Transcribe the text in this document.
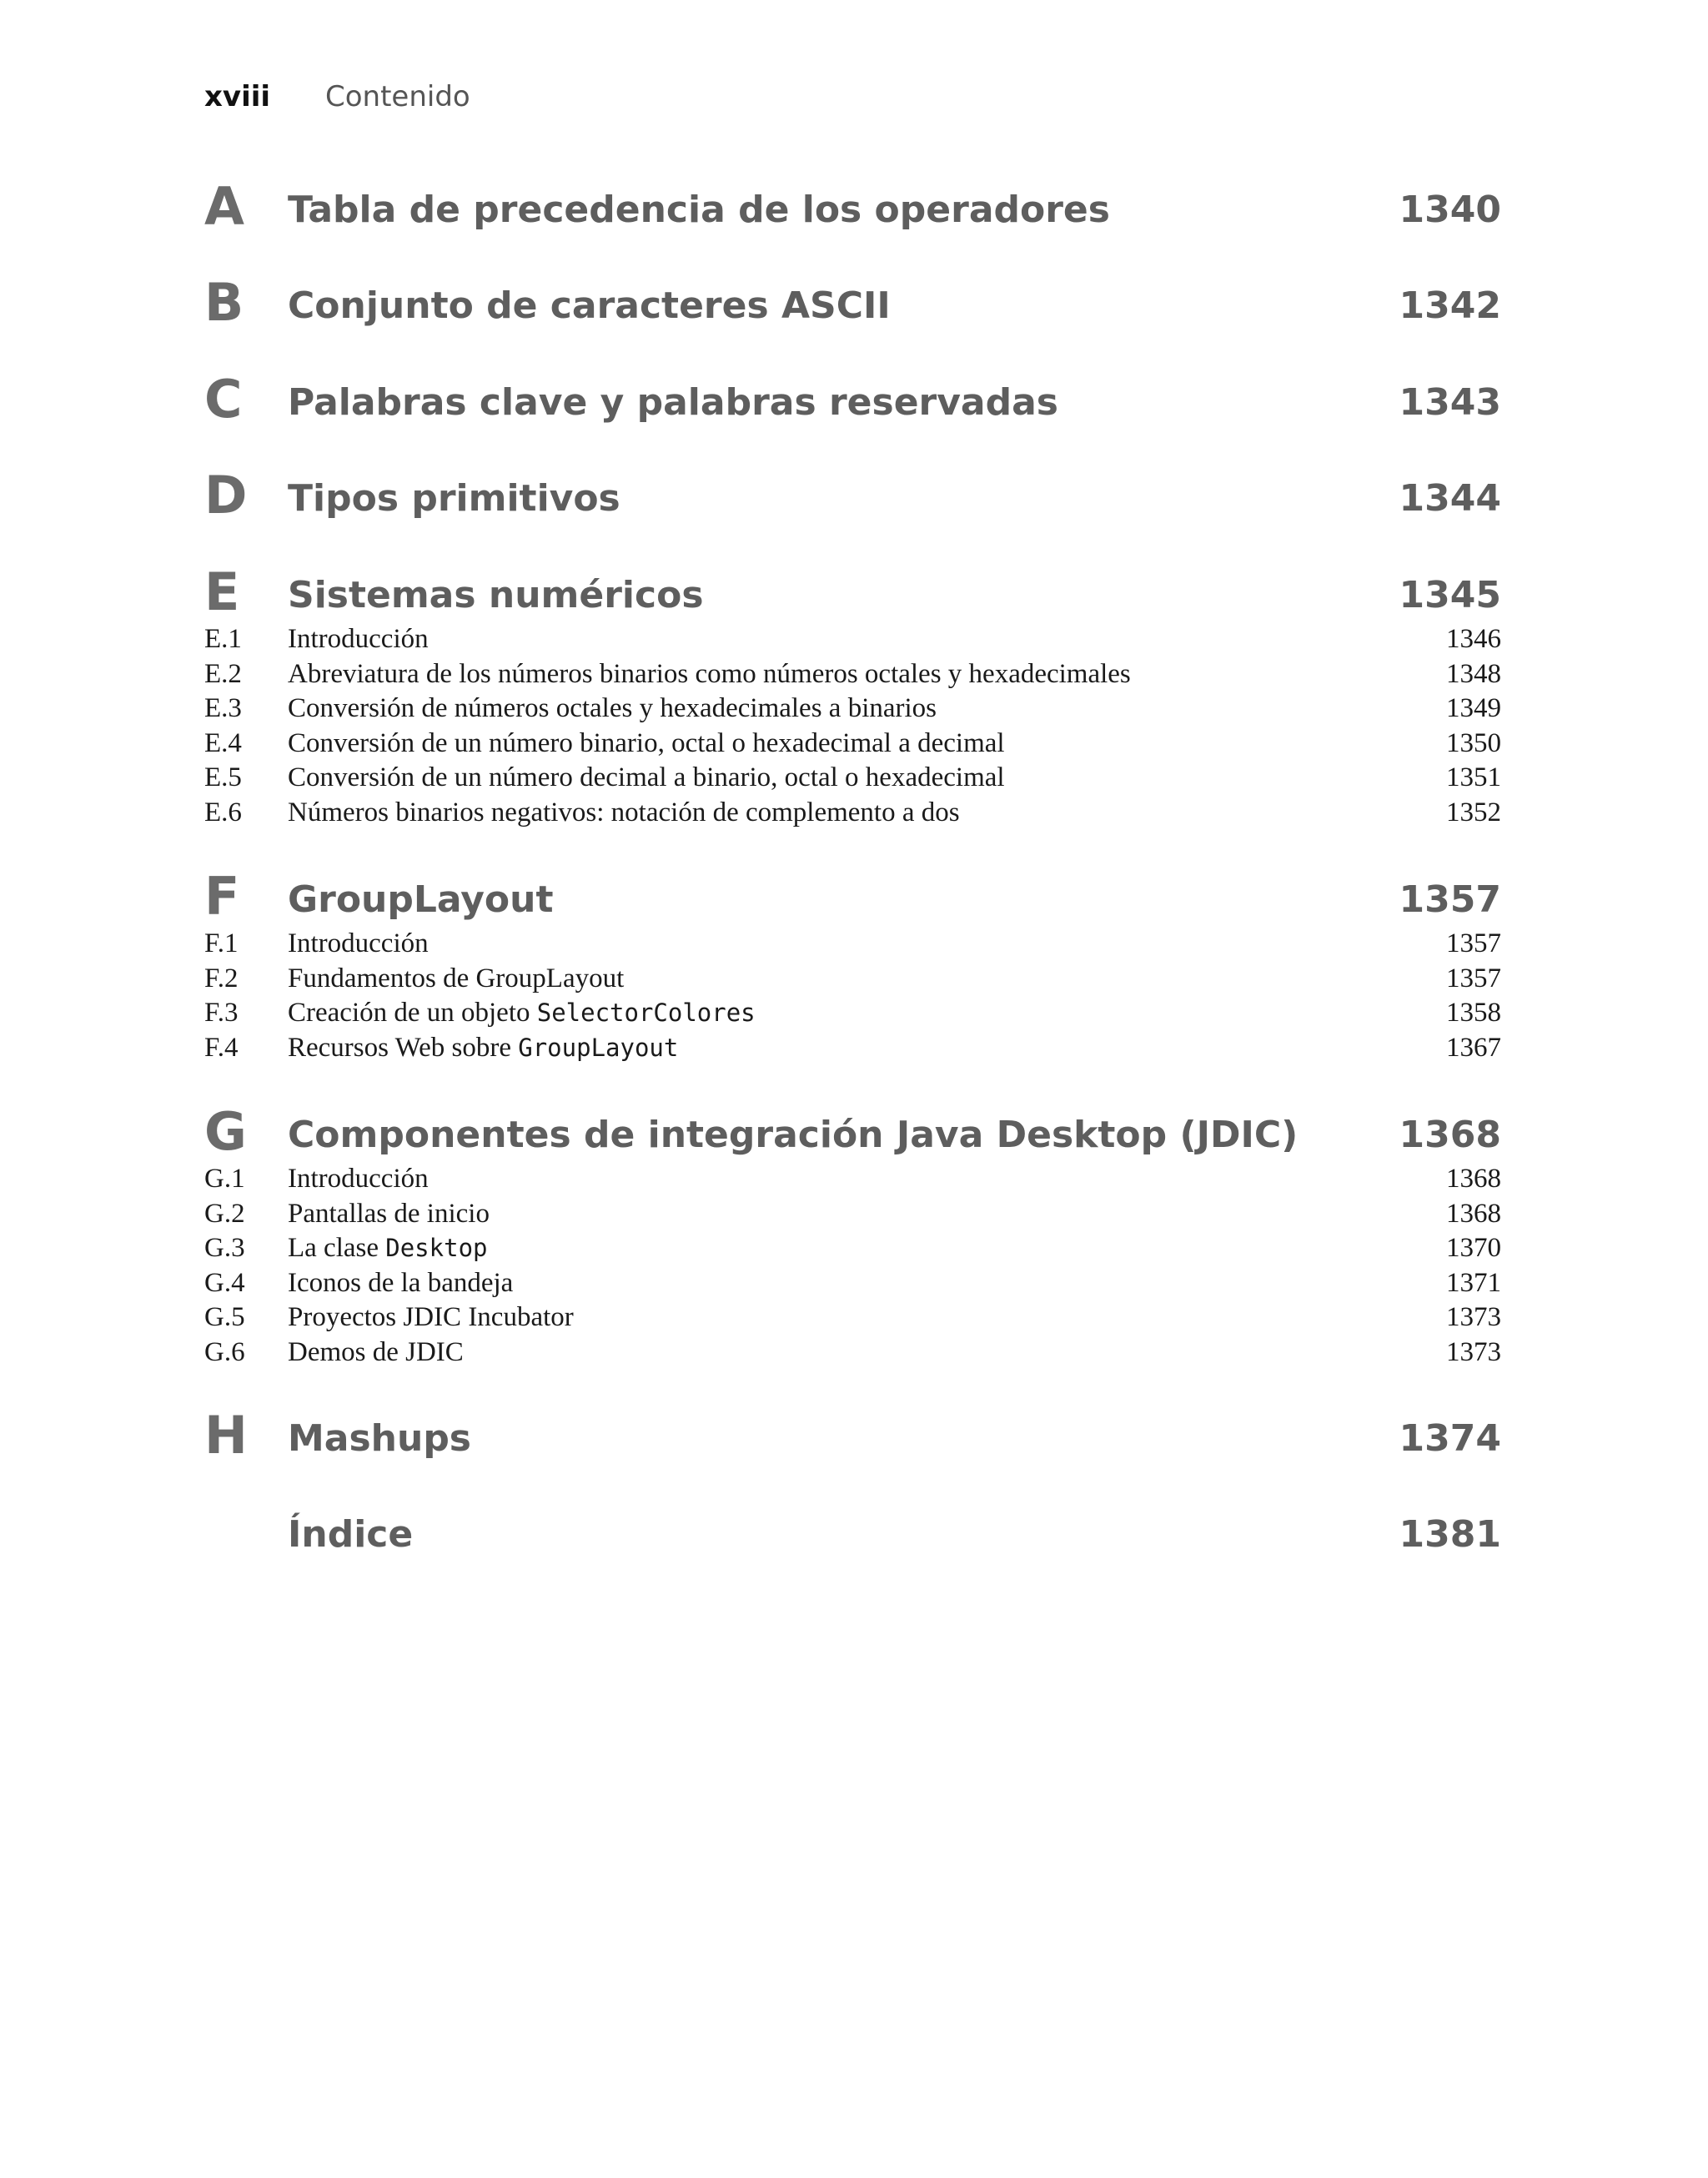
xviii	Contenido
A	Tabla de precedencia de los operadores	1340
B	Conjunto de caracteres ASCII	1342
C	Palabras clave y palabras reservadas	1343
D	Tipos primitivos	1344
E	Sistemas numéricos	1345
E.1	Introducción	1346
E.2	Abreviatura de los números binarios como números octales y hexadecimales	1348
E.3	Conversión de números octales y hexadecimales a binarios	1349
E.4	Conversión de un número binario, octal o hexadecimal a decimal	1350
E.5	Conversión de un número decimal a binario, octal o hexadecimal	1351
E.6	Números binarios negativos: notación de complemento a dos	1352
F	GroupLayout	1357
F.1	Introducción	1357
F.2	Fundamentos de GroupLayout	1357
F.3	Creación de un objeto SelectorColores	1358
F.4	Recursos Web sobre GroupLayout	1367
G	Componentes de integración Java Desktop (JDIC)	1368
G.1	Introducción	1368
G.2	Pantallas de inicio	1368
G.3	La clase Desktop	1370
G.4	Iconos de la bandeja	1371
G.5	Proyectos JDIC Incubator	1373
G.6	Demos de JDIC	1373
H	Mashups	1374
Índice	1381
